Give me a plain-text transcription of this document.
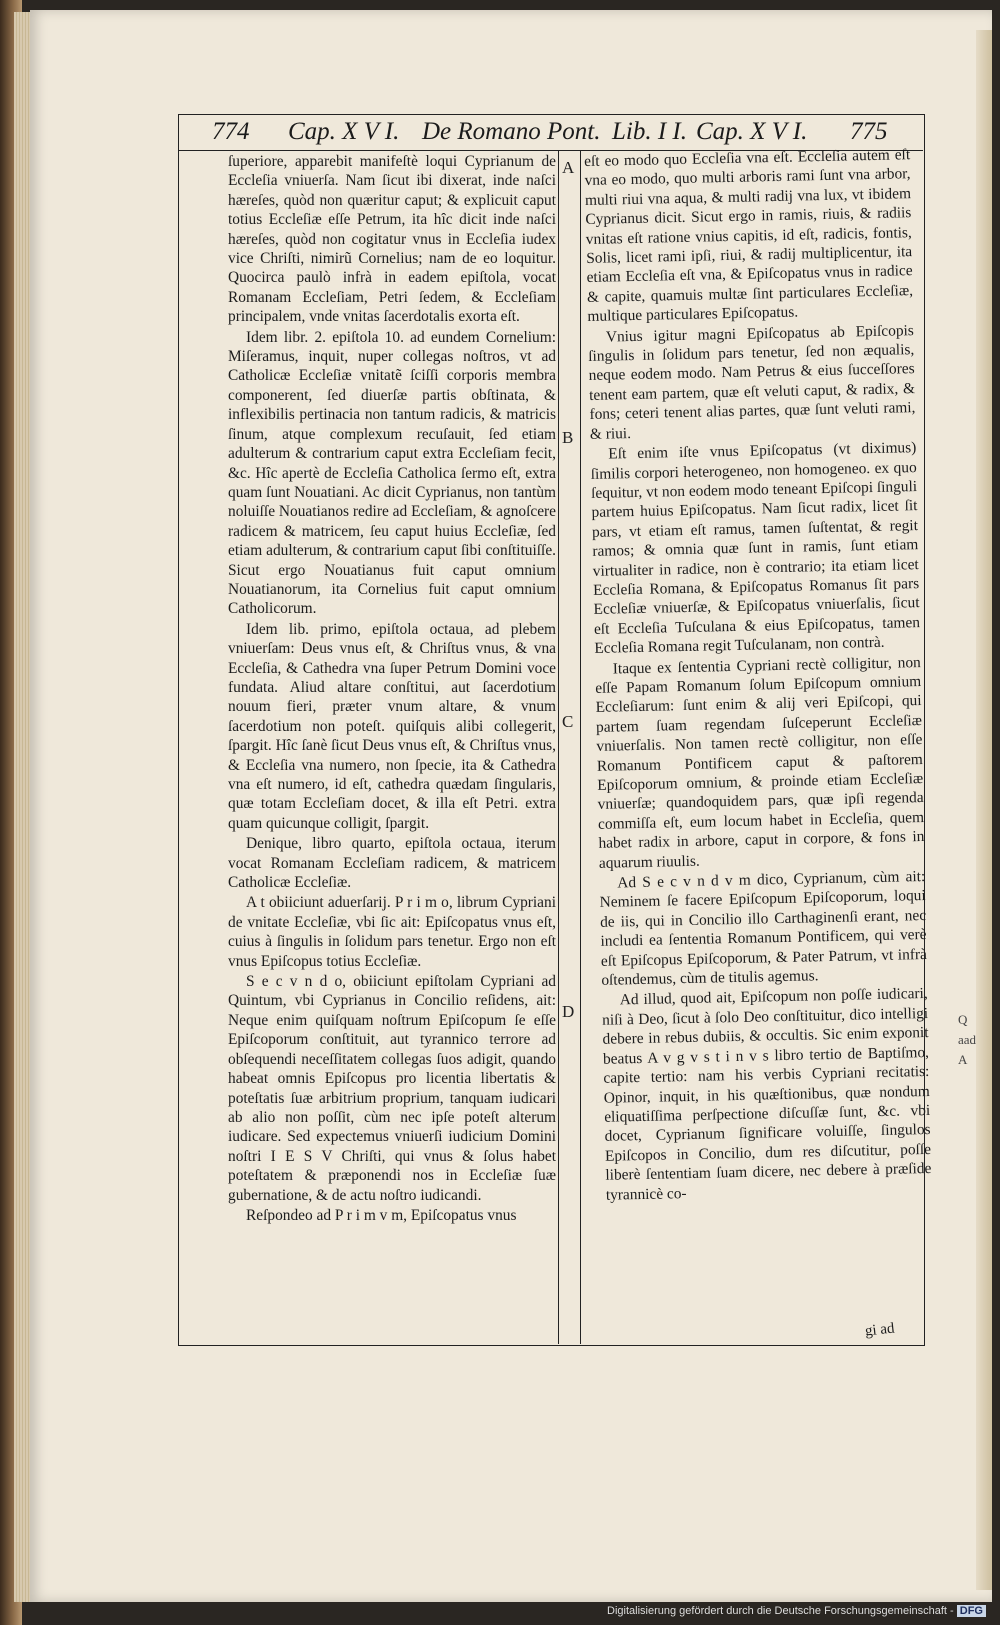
774 Cap. X V I. De Romano Pont. Lib. I I. Cap. X V I. 775
A
B
C
D

ſuperiore, apparebit manifeſtè loqui Cyprianum de Eccleſia vniuerſa. Nam ſicut ibi dixerat, inde naſci hæreſes, quòd non quæritur caput; & explicuit caput totius Eccleſiæ eſſe Petrum, ita hîc dicit inde naſci hæreſes, quòd non cogitatur vnus in Eccleſia iudex vice Chriſti, nimirũ Cornelius; nam de eo loquitur. Quocirca paulò infrà in eadem epiſtola, vocat Romanam Eccleſiam, Petri ſedem, & Eccleſiam principalem, vnde vnitas ſacerdotalis exorta eſt.

Idem libr. 2. epiſtola 10. ad eundem Cornelium: Miſeramus, inquit, nuper collegas noſtros, vt ad Catholicæ Eccleſiæ vnitatẽ ſciſſi corporis membra componerent, ſed diuerſæ partis obſtinata, & inflexibilis pertinacia non tantum radicis, & matricis ſinum, atque complexum recuſauit, ſed etiam adulterum & contrarium caput extra Eccleſiam fecit, &c. Hîc apertè de Eccleſia Catholica ſermo eſt, extra quam ſunt Nouatiani. Ac dicit Cyprianus, non tantùm noluiſſe Nouatianos redire ad Eccleſiam, & agnoſcere radicem & matricem, ſeu caput huius Eccleſiæ, ſed etiam adulterum, & contrarium caput ſibi conſtituiſſe. Sicut ergo Nouatianus fuit caput omnium Nouatianorum, ita Cornelius fuit caput omnium Catholicorum.

Idem lib. primo, epiſtola octaua, ad plebem vniuerſam: Deus vnus eſt, & Chriſtus vnus, & vna Eccleſia, & Cathedra vna ſuper Petrum Domini voce fundata. Aliud altare conſtitui, aut ſacerdotium nouum fieri, præter vnum altare, & vnum ſacerdotium non poteſt. quiſquis alibi collegerit, ſpargit. Hîc ſanè ſicut Deus vnus eſt, & Chriſtus vnus, & Eccleſia vna numero, non ſpecie, ita & Cathedra vna eſt numero, id eſt, cathedra quædam ſingularis, quæ totam Eccleſiam docet, & illa eſt Petri. extra quam quicunque colligit, ſpargit.

Denique, libro quarto, epiſtola octaua, iterum vocat Romanam Eccleſiam radicem, & matricem Catholicæ Eccleſiæ.

A t obiiciunt aduerſarij. P r i m o, librum Cypriani de vnitate Eccleſiæ, vbi ſic ait: Epiſcopatus vnus eſt, cuius à ſingulis in ſolidum pars tenetur. Ergo non eſt vnus Epiſcopus totius Eccleſiæ.

S e c v n d o, obiiciunt epiſtolam Cypriani ad Quintum, vbi Cyprianus in Concilio reſidens, ait: Neque enim quiſquam noſtrum Epiſcopum ſe eſſe Epiſcoporum conſtituit, aut tyrannico terrore ad obſequendi neceſſitatem collegas ſuos adigit, quando habeat omnis Epiſcopus pro licentia libertatis & poteſtatis ſuæ arbitrium proprium, tanquam iudicari ab alio non poſſit, cùm nec ipſe poteſt alterum iudicare. Sed expectemus vniuerſi iudicium Domini noſtri I E S V Chriſti, qui vnus & ſolus habet poteſtatem & præponendi nos in Eccleſiæ ſuæ gubernatione, & de actu noſtro iudicandi.

Reſpondeo ad P r i m v m, Epiſcopatus vnus

eſt eo modo quo Eccleſia vna eſt. Eccleſia autem eſt vna eo modo, quo multi arboris rami ſunt vna arbor, multi riui vna aqua, & multi radij vna lux, vt ibidem Cyprianus dicit. Sicut ergo in ramis, riuis, & radiis vnitas eſt ratione vnius capitis, id eſt, radicis, fontis, Solis, licet rami ipſi, riui, & radij multiplicentur, ita etiam Eccleſia eſt vna, & Epiſcopatus vnus in radice & capite, quamuis multæ ſint particulares Eccleſiæ, multique particulares Epiſcopatus.

Vnius igitur magni Epiſcopatus ab Epiſcopis ſingulis in ſolidum pars tenetur, ſed non æqualis, neque eodem modo. Nam Petrus & eius ſucceſſores tenent eam partem, quæ eſt veluti caput, & radix, & fons; ceteri tenent alias partes, quæ ſunt veluti rami, & riui.

Eſt enim iſte vnus Epiſcopatus (vt diximus) ſimilis corpori heterogeneo, non homogeneo. ex quo ſequitur, vt non eodem modo teneant Epiſcopi ſinguli partem huius Epiſcopatus. Nam ſicut radix, licet ſit pars, vt etiam eſt ramus, tamen ſuſtentat, & regit ramos; & omnia quæ ſunt in ramis, ſunt etiam virtualiter in radice, non è contrario; ita etiam licet Eccleſia Romana, & Epiſcopatus Romanus ſit pars Eccleſiæ vniuerſæ, & Epiſcopatus vniuerſalis, ſicut eſt Eccleſia Tuſculana & eius Epiſcopatus, tamen Eccleſia Romana regit Tuſculanam, non contrà.

Itaque ex ſententia Cypriani rectè colligitur, non eſſe Papam Romanum ſolum Epiſcopum omnium Eccleſiarum: ſunt enim & alij veri Epiſcopi, qui partem ſuam regendam ſuſceperunt Eccleſiæ vniuerſalis. Non tamen rectè colligitur, non eſſe Romanum Pontificem caput & paſtorem Epiſcoporum omnium, & proinde etiam Eccleſiæ vniuerſæ; quandoquidem pars, quæ ipſi regenda commiſſa eſt, eum locum habet in Eccleſia, quem habet radix in arbore, caput in corpore, & fons in aquarum riuulis.

Ad S e c v n d v m dico, Cyprianum, cùm ait: Neminem ſe facere Epiſcopum Epiſcoporum, loqui de iis, qui in Concilio illo Carthaginenſi erant, nec includi ea ſententia Romanum Pontificem, qui verè eſt Epiſcopus Epiſcoporum, & Pater Patrum, vt infrà oſtendemus, cùm de titulis agemus.

Ad illud, quod ait, Epiſcopum non poſſe iudicari, niſi à Deo, ſicut à ſolo Deo conſtituitur, dico intelligi debere in rebus dubiis, & occultis. Sic enim exponit beatus A v g v s t i n v s libro tertio de Baptiſmo, capite tertio: nam his verbis Cypriani recitatis: Opinor, inquit, in his quæſtionibus, quæ nondum eliquatiſſima perſpectione diſcuſſæ ſunt, &c. vbi docet, Cyprianum ſignificare voluiſſe, ſingulos Epiſcopos in Concilio, dum res diſcutitur, poſſe liberè ſententiam ſuam dicere, nec debere à præſide tyrannicè co-

gi ad
Q
aad
A
Digitalisierung gefördert durch die Deutsche Forschungsgemeinschaft - DFG
